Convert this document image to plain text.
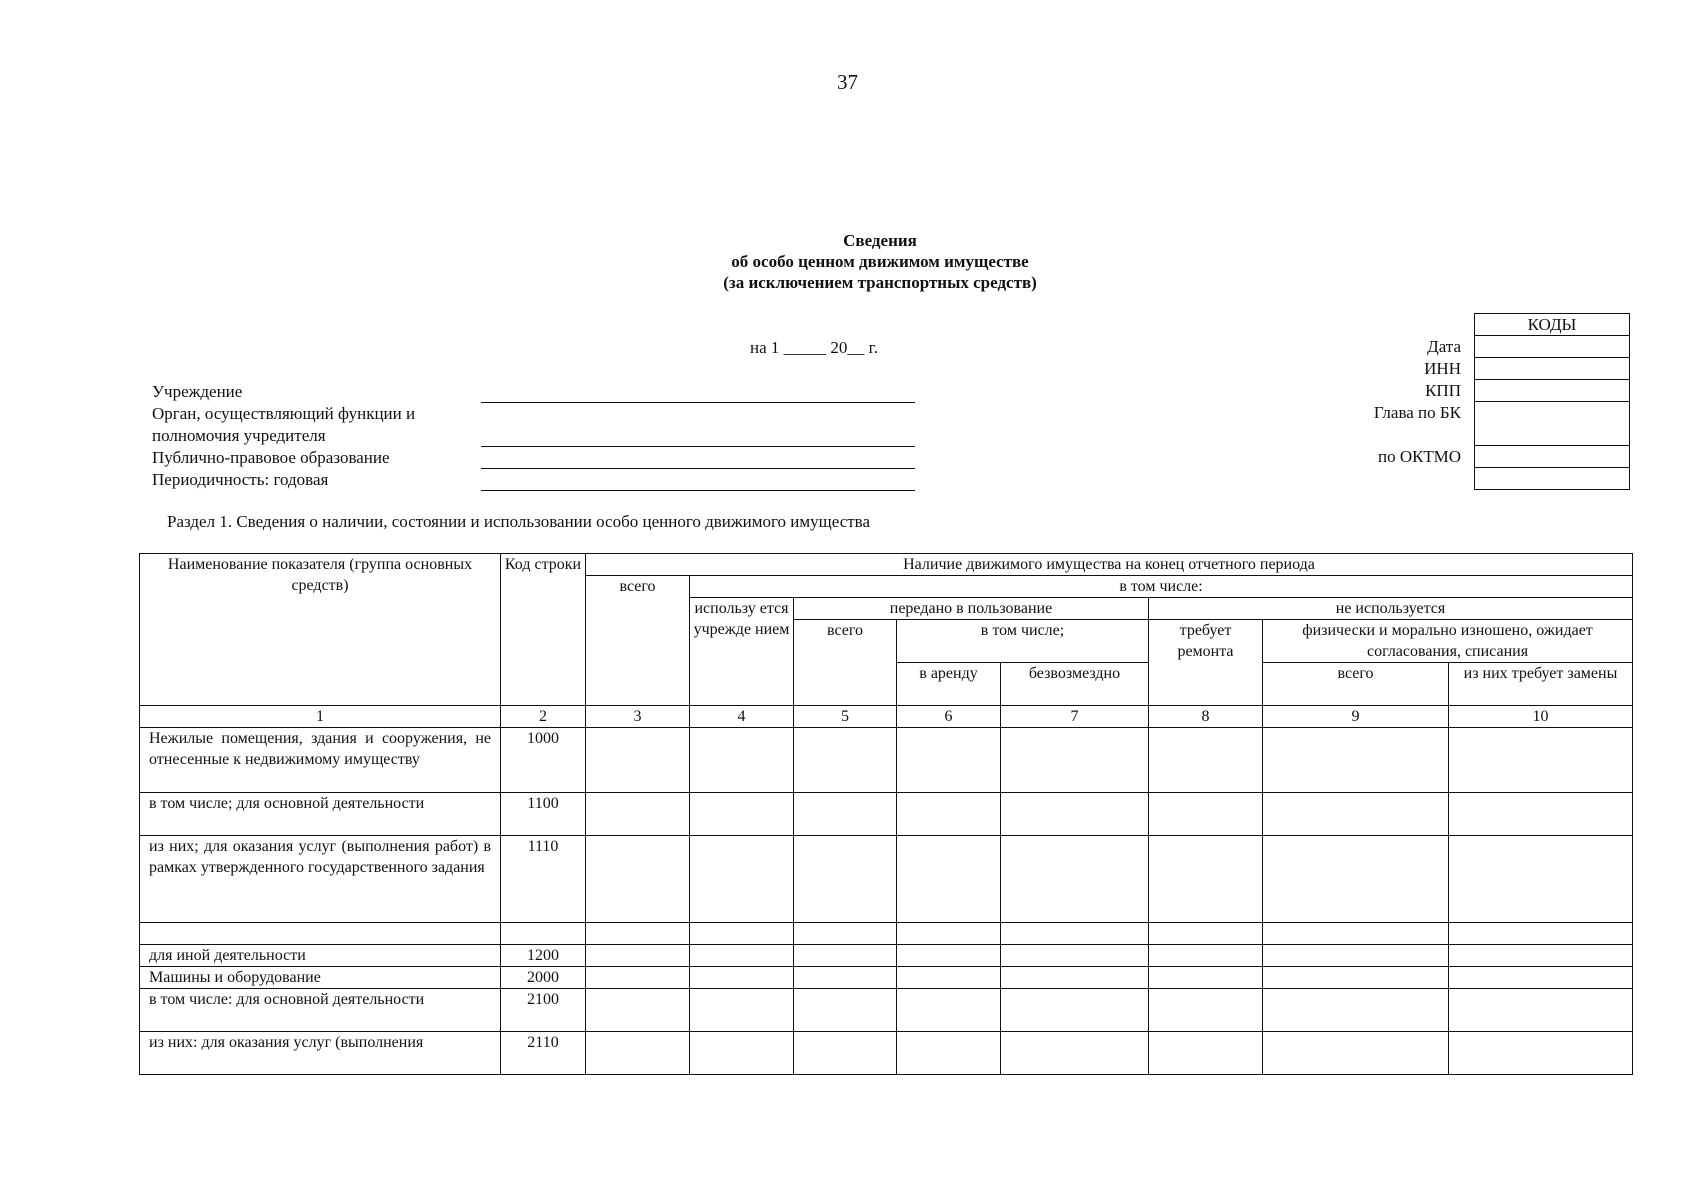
37
Сведения
об особо ценном движимом имуществе
(за исключением транспортных средств)
на 1 _____ 20__ г.
Учреждение
Орган, осуществляющий функции и
полномочия учредителя
Публично-правовое образование
Периодичность: годовая
Дата
ИНН
КПП
Глава по БК
по ОКТМО
КОДЫ

Раздел 1. Сведения о наличии, состоянии и использовании особо ценного движимого имущества
Наименование показателя (группа основных средств)	Код строки	Наличие движимого имущества на конец отчетного периода							
		всего	в том числе:						
			использу ется учрежде нием	передано в пользование			не используется		
				всего	в том числе;		требует ремонта	физически и морально изношено, ожидает согласования, списания	
					в аренду	безвозмездно		всего	из них требует замены
1	2	3	4	5	6	7	8	9	10
Нежилые помещения, здания и сооружения, не отнесенные к недвижимому имуществу	1000								
в том числе; для основной деятельности	1100								
из них; для оказания услуг (выполнения работ) в рамках утвержденного государственного задания	1110								

для иной деятельности	1200								
Машины и оборудование	2000								
в том числе: для основной деятельности	2100								
из них: для оказания услуг (выполнения	2110								
